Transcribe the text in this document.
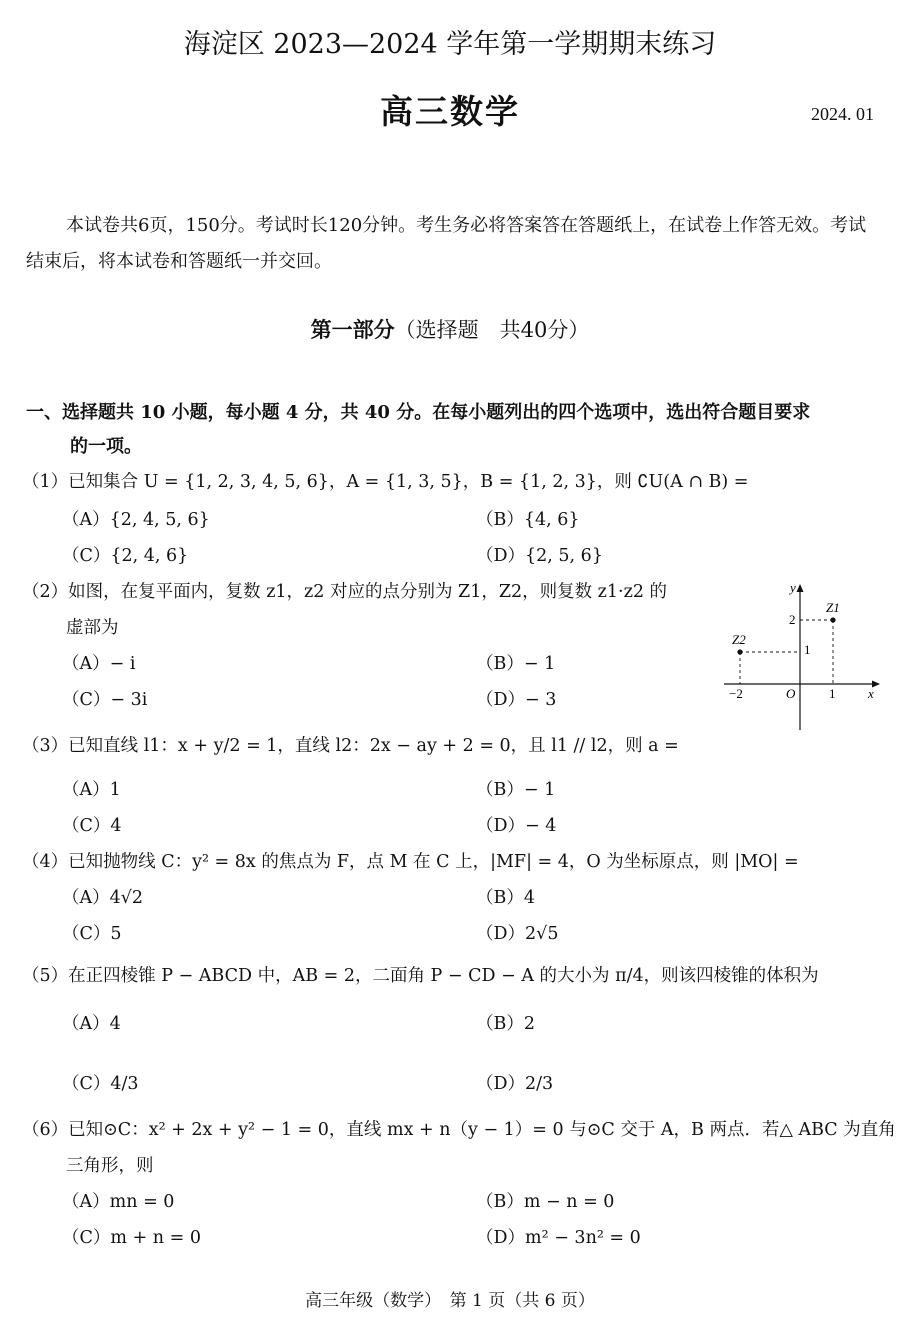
海淀区 2023—2024 学年第一学期期末练习
高三数学	2024. 01
本试卷共6页，150分。考试时长120分钟。考生务必将答案答在答题纸上，在试卷上作答无效。考试结束后，将本试卷和答题纸一并交回。
第一部分（选择题　共40分）
一、选择题共 10 小题，每小题 4 分，共 40 分。在每小题列出的四个选项中，选出符合题目要求
的一项。
（1）已知集合 U = {1, 2, 3, 4, 5, 6}，A = {1, 3, 5}，B = {1, 2, 3}，则 ∁U(A ∩ B) =
（A）{2, 4, 5, 6}	（B）{4, 6}
（C）{2, 4, 6}	（D）{2, 5, 6}
（2）如图，在复平面内，复数 z1，z2 对应的点分别为 Z1，Z2，则复数 z1·z2 的
虚部为
（A）− i	（B）− 1
（C）− 3i	（D）− 3
y
x
O
2
1
−2	1
Z1
Z2
（3）已知直线 l1：x + y/2 = 1，直线 l2：2x − ay + 2 = 0，且 l1 // l2，则 a =
（A）1	（B）− 1
（C）4	（D）− 4
（4）已知抛物线 C：y² = 8x 的焦点为 F，点 M 在 C 上，|MF| = 4，O 为坐标原点，则 |MO| =
（A）4√2	（B）4
（C）5	（D）2√5
（5）在正四棱锥 P − ABCD 中，AB = 2，二面角 P − CD − A 的大小为 π/4，则该四棱锥的体积为
（A）4	（B）2
（C）4/3	（D）2/3
（6）已知⊙C：x² + 2x + y² − 1 = 0，直线 mx + n（y − 1）= 0 与⊙C 交于 A，B 两点．若△ ABC 为直角
三角形，则
（A）mn = 0	（B）m − n = 0
（C）m + n = 0	（D）m² − 3n² = 0
高三年级（数学）　第 1 页（共 6 页）
